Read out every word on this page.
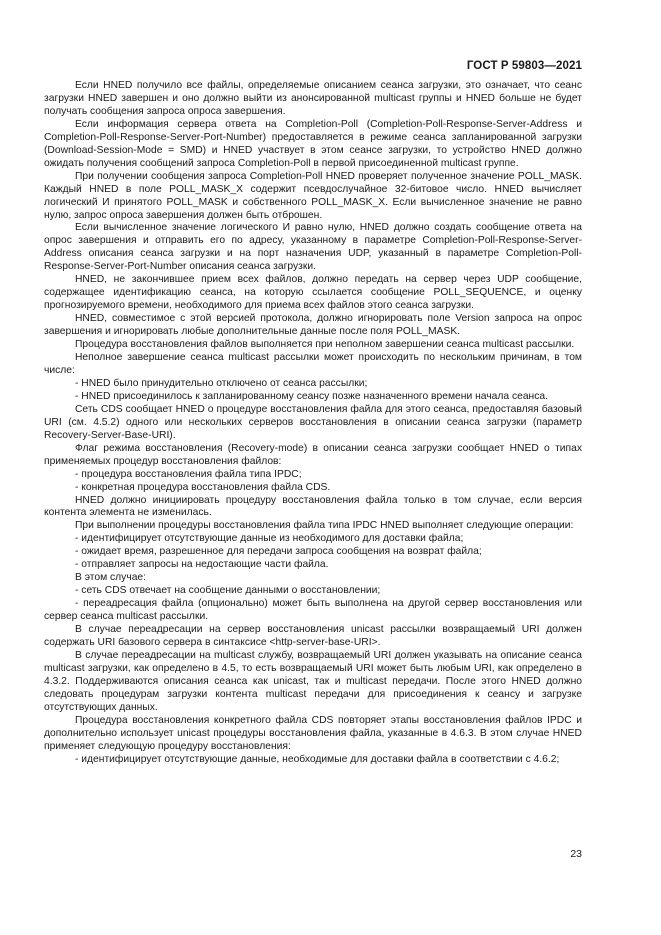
ГОСТ Р 59803—2021

Если HNED получило все файлы, определяемые описанием сеанса загрузки, это означает, что сеанс загрузки HNED завершен и оно должно выйти из анонсированной multicast группы и HNED больше не будет получать сообщения запроса опроса завершения.

Если информация сервера ответа на Completion-Poll (Completion-Poll-Response-Server-Address и Completion-Poll-Response-Server-Port-Number) предоставляется в режиме сеанса запланированной загрузки (Download-Session-Mode = SMD) и HNED участвует в этом сеансе загрузки, то устройство HNED должно ожидать получения сообщений запроса Completion-Poll в первой присоединенной multicast группе.

При получении сообщения запроса Completion-Poll HNED проверяет полученное значение POLL_MASK. Каждый HNED в поле POLL_MASK_X содержит псевдослучайное 32-битовое число. HNED вычисляет логический И принятого POLL_MASK и собственного POLL_MASK_X. Если вычисленное значение не равно нулю, запрос опроса завершения должен быть отброшен.

Если вычисленное значение логического И равно нулю, HNED должно создать сообщение ответа на опрос завершения и отправить его по адресу, указанному в параметре Completion-Poll-Response-Server-Address описания сеанса загрузки и на порт назначения UDP, указанный в параметре Completion-Poll-Response-Server-Port-Number описания сеанса загрузки.

HNED, не закончившее прием всех файлов, должно передать на сервер через UDP сообщение, содержащее идентификацию сеанса, на которую ссылается сообщение POLL_SEQUENCE, и оценку прогнозируемого времени, необходимого для приема всех файлов этого сеанса загрузки.

HNED, совместимое с этой версией протокола, должно игнорировать поле Version запроса на опрос завершения и игнорировать любые дополнительные данные после поля POLL_MASK.

Процедура восстановления файлов выполняется при неполном завершении сеанса multicast рассылки.

Неполное завершение сеанса multicast рассылки может происходить по нескольким причинам, в том числе:

- HNED было принудительно отключено от сеанса рассылки;

- HNED присоединилось к запланированному сеансу позже назначенного времени начала сеанса.

Сеть CDS сообщает HNED о процедуре восстановления файла для этого сеанса, предоставляя базовый URI (см. 4.5.2) одного или нескольких серверов восстановления в описании сеанса загрузки (параметр Recovery-Server-Base-URI).

Флаг режима восстановления (Recovery-mode) в описании сеанса загрузки сообщает HNED о типах применяемых процедур восстановления файлов:

- процедура восстановления файла типа IPDC;

- конкретная процедура восстановления файла CDS.

HNED должно инициировать процедуру восстановления файла только в том случае, если версия контента элемента не изменилась.

При выполнении процедуры восстановления файла типа IPDC HNED выполняет следующие операции:

- идентифицирует отсутствующие данные из необходимого для доставки файла;

- ожидает время, разрешенное для передачи запроса сообщения на возврат файла;

- отправляет запросы на недостающие части файла.

В этом случае:

- сеть CDS отвечает на сообщение данными о восстановлении;

- переадресация файла (опционально) может быть выполнена на другой сервер восстановления или сервер сеанса multicast рассылки.

В случае переадресации на сервер восстановления unicast рассылки возвращаемый URI должен содержать URI базового сервера в синтаксисе <http-server-base-URI>.

В случае переадресации на multicast службу, возвращаемый URI должен указывать на описание сеанса multicast загрузки, как определено в 4.5, то есть возвращаемый URI может быть любым URI, как определено в 4.3.2. Поддерживаются описания сеанса как unicast, так и multicast передачи. После этого HNED должно следовать процедурам загрузки контента multicast передачи для присоединения к сеансу и загрузке отсутствующих данных.

Процедура восстановления конкретного файла CDS повторяет этапы восстановления файлов IPDC и дополнительно использует unicast процедуры восстановления файла, указанные в 4.6.3. В этом случае HNED применяет следующую процедуру восстановления:

- идентифицирует отсутствующие данные, необходимые для доставки файла в соответствии с 4.6.2;

23
